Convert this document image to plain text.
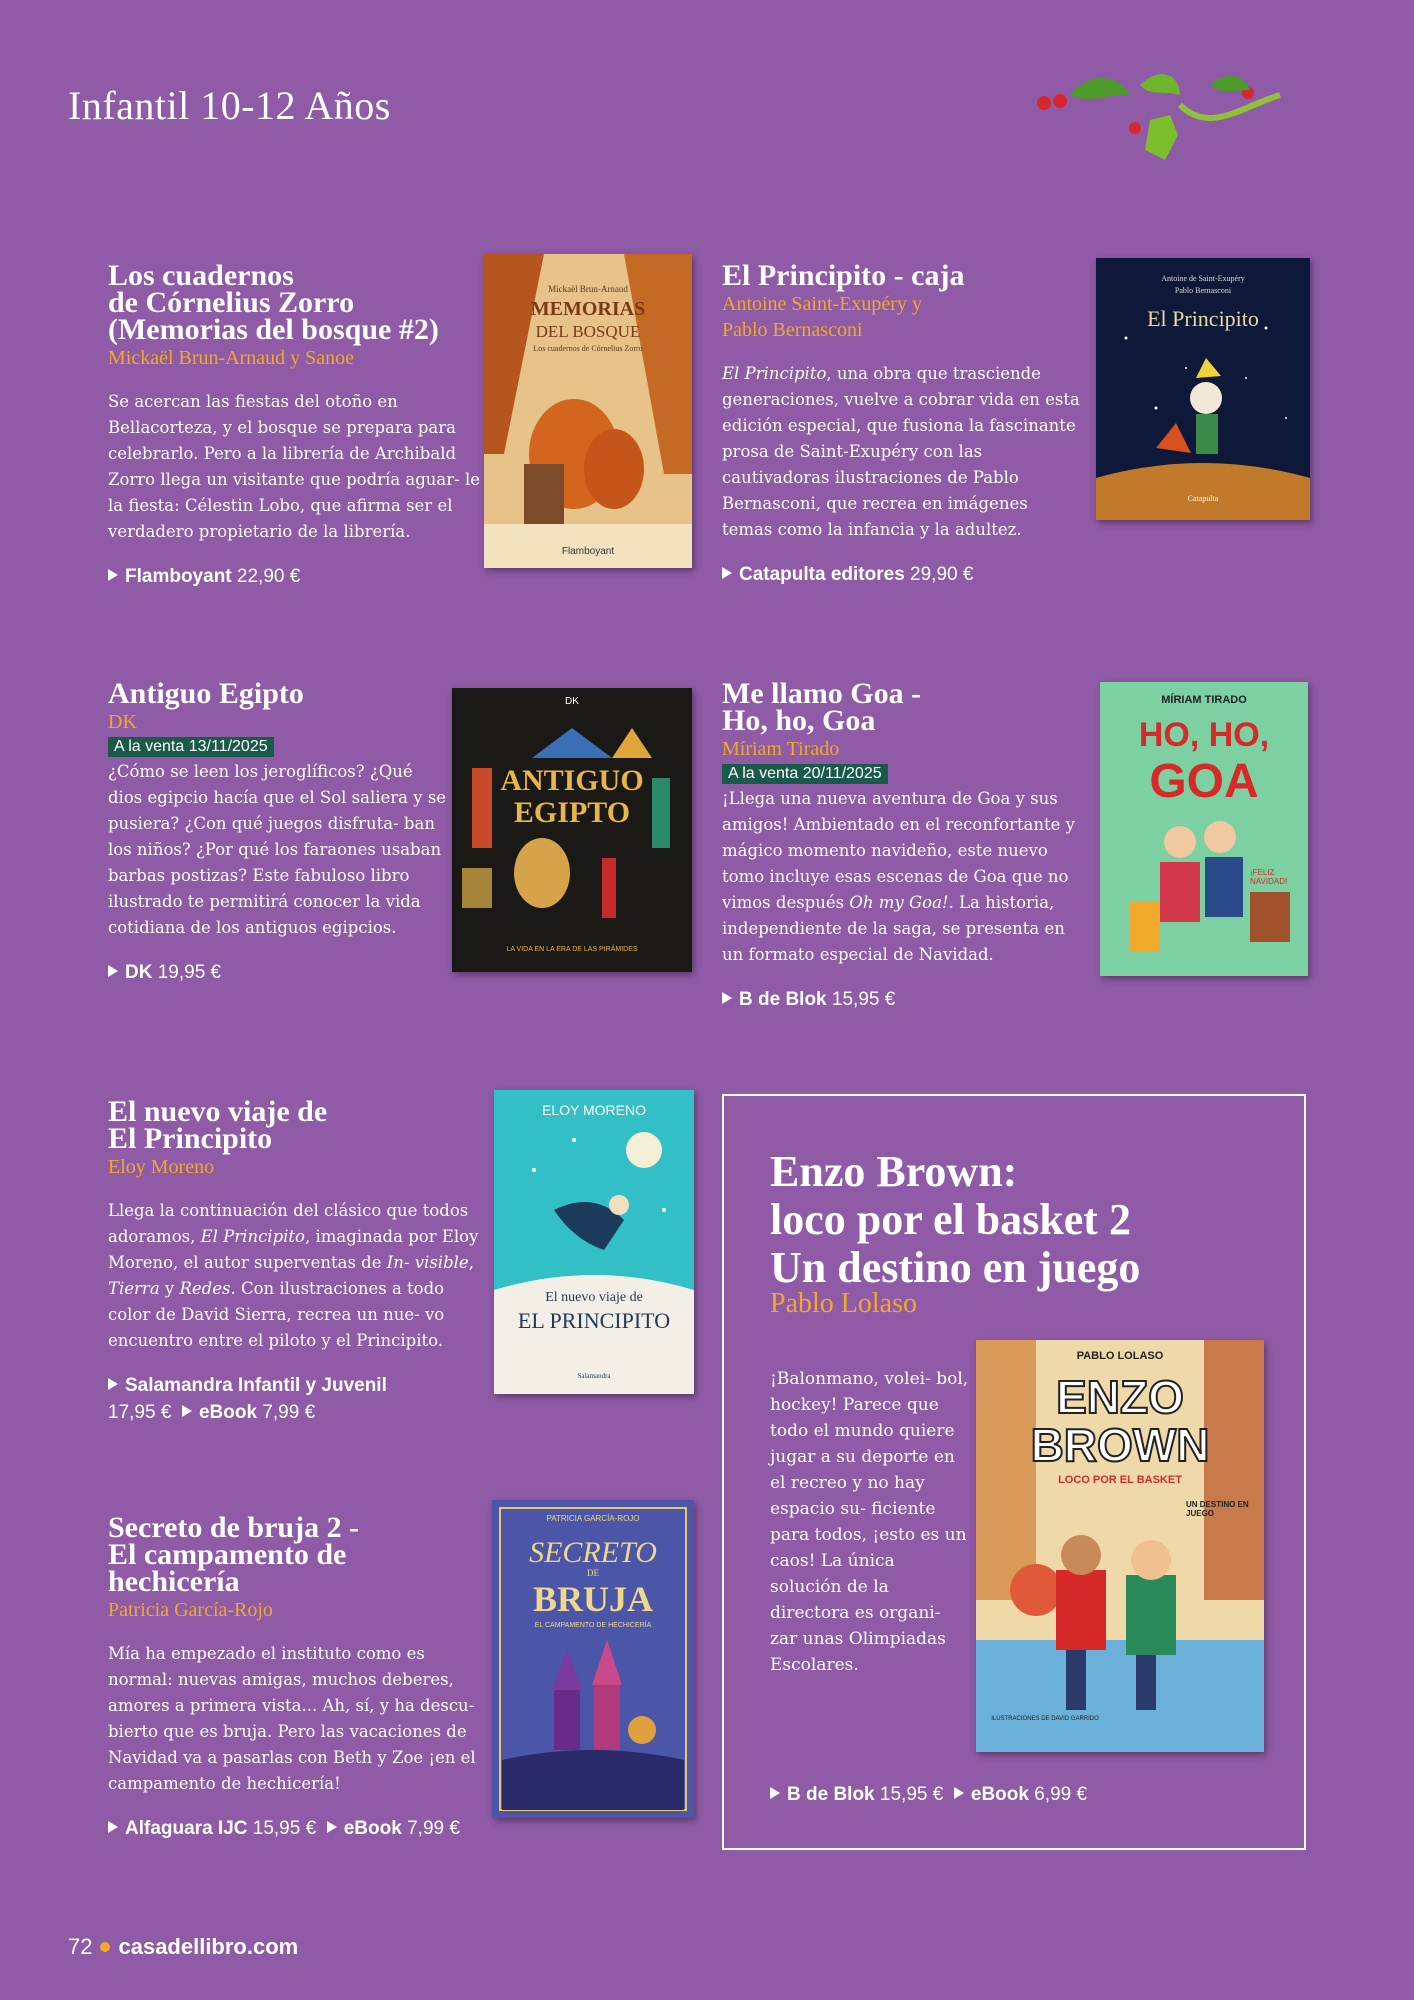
Infantil 10-12 Años
Los cuadernos
de Córnelius Zorro
(Memorias del bosque #2)
Mickaël Brun-Arnaud y Sanoe
Se acercan las fiestas del otoño en Bellacorteza, y el bosque se prepara para celebrarlo. Pero a la librería de Archibald Zorro llega un visitante que podría aguar- le la fiesta: Célestin Lobo, que afirma ser el verdadero propietario de la librería.
Flamboyant 22,90 €
Mickaël Brun-Arnaud
MEMORIAS
DEL BOSQUE
Los cuadernos de Córnelius Zorro
Flamboyant
El Principito - caja
Antoine Saint-Exupéry y
Pablo Bernasconi
El Principito, una obra que trasciende generaciones, vuelve a cobrar vida en esta edición especial, que fusiona la fascinante prosa de Saint-Exupéry con las cautivadoras ilustraciones de Pablo Bernasconi, que recrea en imágenes temas como la infancia y la adultez.
Catapulta editores 29,90 €
Antoine de Saint-Exupéry
Pablo Bernasconi
El Principito
Catapulta
Antiguo Egipto
DK
A la venta 13/11/2025
¿Cómo se leen los jeroglíficos? ¿Qué dios egipcio hacía que el Sol saliera y se pusiera? ¿Con qué juegos disfruta- ban los niños? ¿Por qué los faraones usaban barbas postizas? Este fabuloso libro ilustrado te permitirá conocer la vida cotidiana de los antiguos egipcios.
DK 19,95 €
DK
ANTIGUO
EGIPTO
LA VIDA EN LA ERA DE LAS PIRÁMIDES
Me llamo Goa -
Ho, ho, Goa
Míriam Tirado
A la venta 20/11/2025
¡Llega una nueva aventura de Goa y sus amigos! Ambientado en el reconfortante y mágico momento navideño, este nuevo tomo incluye esas escenas de Goa que no vimos después Oh my Goa!. La historia, independiente de la saga, se presenta en un formato especial de Navidad.
B de Blok 15,95 €
MÍRIAM TIRADO
HO, HO,
GOA
¡FELIZ NAVIDAD!
El nuevo viaje de
El Principito
Eloy Moreno
Llega la continuación del clásico que todos adoramos, El Principito, imaginada por Eloy Moreno, el autor superventas de In- visible, Tierra y Redes. Con ilustraciones a todo color de David Sierra, recrea un nue- vo encuentro entre el piloto y el Principito.
Salamandra Infantil y Juvenil
17,95 € eBook 7,99 €
ELOY MORENO
El nuevo viaje de
EL PRINCIPITO
Salamandra
Secreto de bruja 2 -
El campamento de
hechicería
Patricia García-Rojo
Mía ha empezado el instituto como es normal: nuevas amigas, muchos deberes, amores a primera vista... Ah, sí, y ha descu- bierto que es bruja. Pero las vacaciones de Navidad va a pasarlas con Beth y Zoe ¡en el campamento de hechicería!
Alfaguara IJC 15,95 € eBook 7,99 €
PATRICIA GARCÍA-ROJO
SECRETO
DE
BRUJA
EL CAMPAMENTO DE HECHICERÍA
Enzo Brown:
loco por el basket 2
Un destino en juego
Pablo Lolaso
¡Balonmano, volei- bol, hockey! Parece que todo el mundo quiere jugar a su deporte en el recreo y no hay espacio su- ficiente para todos, ¡esto es un caos! La única solución de la directora es organi- zar unas Olimpiadas Escolares.
PABLO LOLASO
ENZO
BROWN
LOCO POR EL BASKET
UN DESTINO EN JUEGO
ILUSTRACIONES DE DAVID GARRIDO
B de Blok 15,95 € eBook 6,99 €
72 casadellibro.com
